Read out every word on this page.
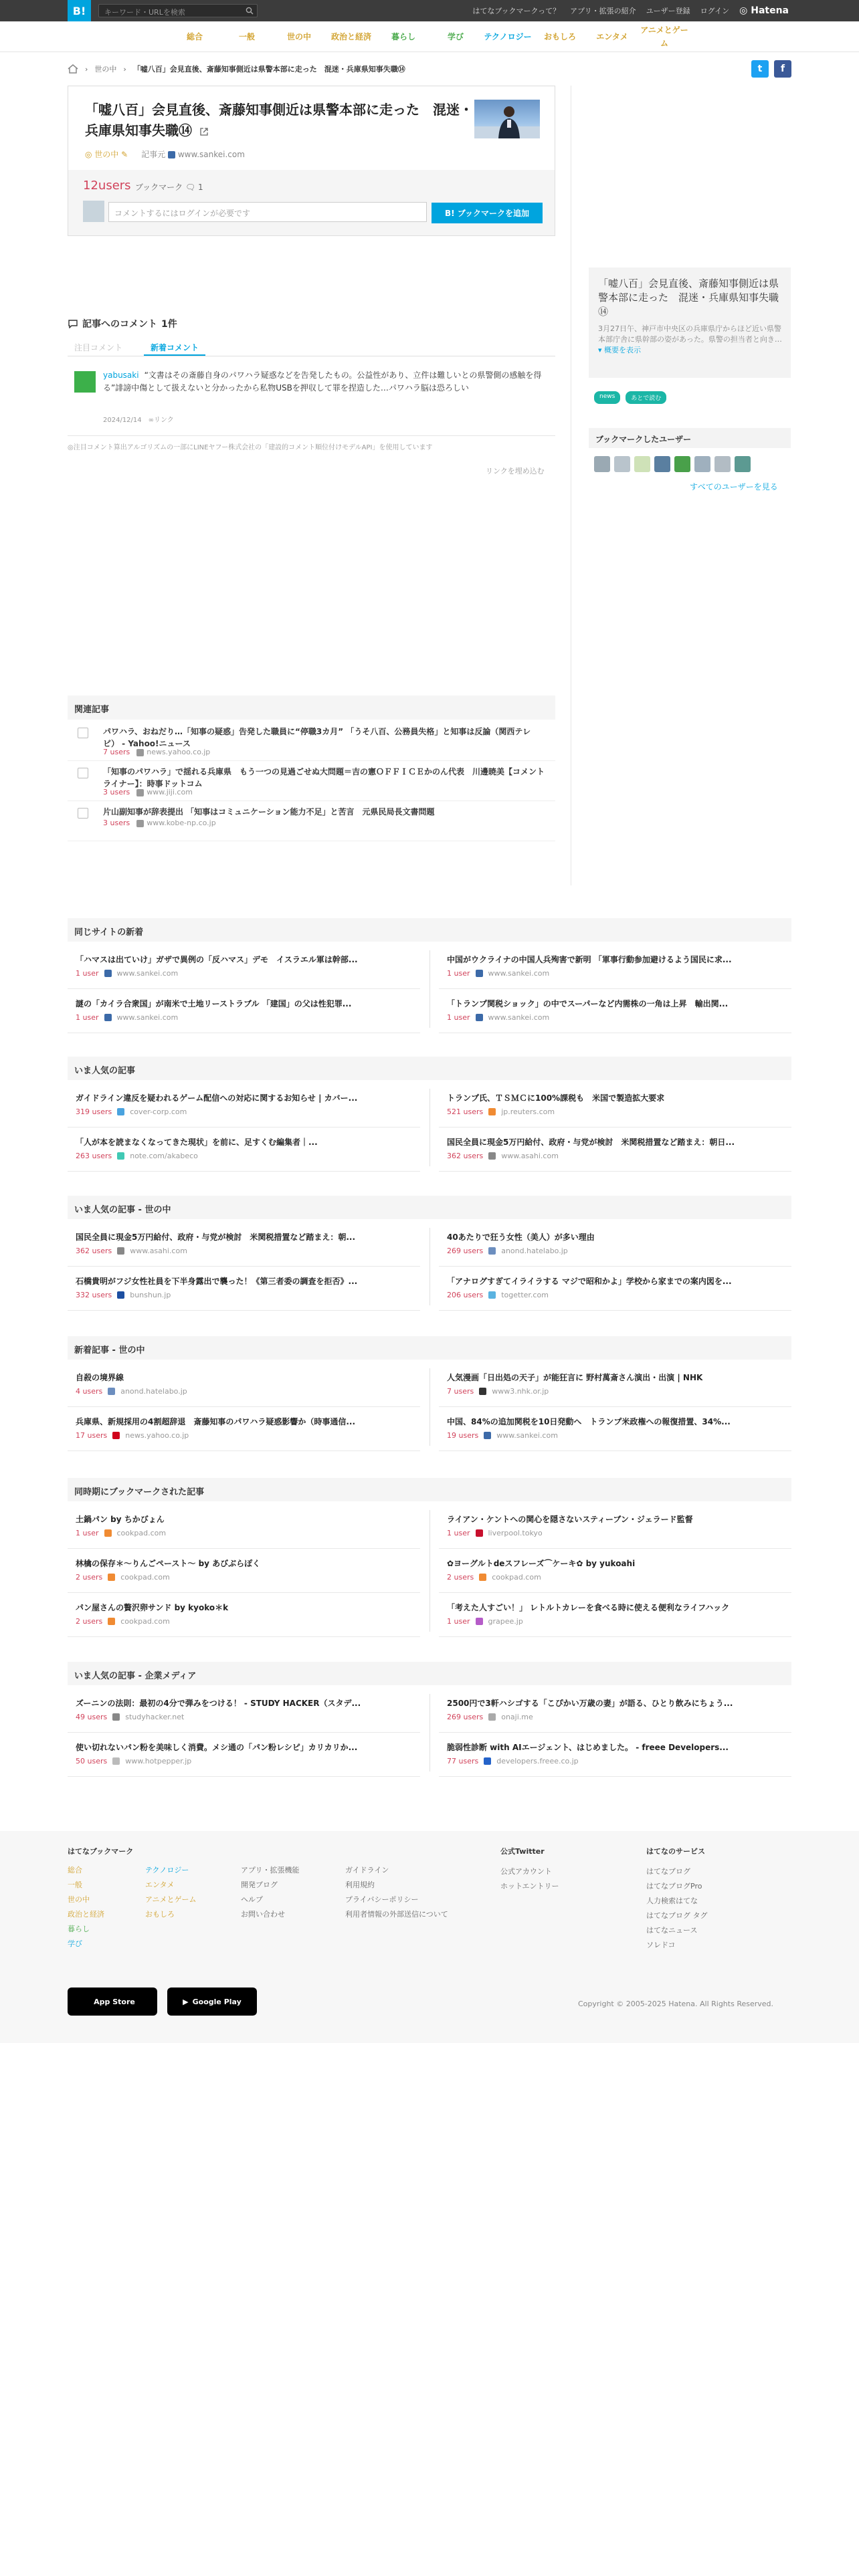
B!	キーワード・URLを検索	はてなブックマークって？ アプリ・拡張の紹介 ユーザー登録 ログイン ◎ Hatena
総合	一般	世の中	政治と経済	暮らし	学び	テクノロジー	おもしろ	エンタメ
アニメとゲーム
› 世の中 › 「嘘八百」会見直後、斎藤知事側近は県警本部に走った　混迷・兵庫県知事失職⑭	t	f
「嘘八百」会見直後、斎藤知事側近は県警本部に走った　混迷・兵庫県知事失職⑭
◎ 世の中 ✎ 記事元 www.sankei.com
12users ブックマーク 🗨 1
コメントするにはログインが必要です	B! ブックマークを追加
「嘘八百」会見直後、斎藤知事側近は県警本部に走った　混迷・兵庫県知事失職⑭
3月27日午、神戸市中央区の兵庫県庁からほど近い県警本部庁舎に県幹部の姿があった。県警の担当者と向き… ▾ 概要を表示
news	あとで読む
ブックマークしたユーザー
すべてのユーザーを見る
記事へのコメント 1件
注目コメント	新着コメント
yabusaki “文書はその斎藤自身のパワハラ疑惑などを告発したもの。公益性があり、立件は難しいとの県警側の感触を得る”誹謗中傷として扱えないと分かったから私物USBを押収して罪を捏造した…パワハラ脳は恐ろしい
2024/12/14　 ∞リンク
◎注目コメント算出アルゴリズムの一部にLINEヤフー株式会社の「建設的コメント順位付けモデルAPI」を使用しています
リンクを埋め込む
関連記事
パワハラ、おねだり…「知事の疑惑」告発した職員に“停職3カ月” 「うそ八百、公務員失格」と知事は反論（関西テレビ） - Yahoo!ニュース
7 users news.yahoo.co.jp
「知事のパワハラ」で揺れる兵庫県　もう一つの見過ごせぬ大問題＝吉の憲ＯＦＦＩＣＥかのん代表　川邊暁美【コメントライナー】：時事ドットコム
3 users www.jiji.com
片山副知事が辞表提出 「知事はコミュニケーション能力不足」と苦言　元県民局長文書問題
3 users www.kobe-np.co.jp
同じサイトの新着
「ハマスは出ていけ」ガザで異例の「反ハマス」デモ　イスラエル軍は幹部...
1 user www.sankei.com
謎の「カイラ合衆国」が南米で土地リーストラブル 「建国」の父は性犯罪...
1 user www.sankei.com
中国がウクライナの中国人兵殉害で新明 「軍事行動参加避けるよう国民に求...
1 user www.sankei.com
「トランプ関税ショック」の中でスーパーなど内需株の一角は上昇　輸出関...
1 user www.sankei.com
いま人気の記事
ガイドライン違反を疑われるゲーム配信への対応に関するお知らせ | カバー...
319 users cover-corp.com
「人が本を読まなくなってきた現状」を前に、足すくむ編集者｜...
263 users note.com/akabeco
トランプ氏、ＴＳＭＣに100%課税も　米国で製造拡大要求
521 users jp.reuters.com
国民全員に現金5万円給付、政府・与党が検討　米関税措置など踏まえ：朝日...
362 users www.asahi.com
いま人気の記事 - 世の中
国民全員に現金5万円給付、政府・与党が検討　米関税措置など踏まえ：朝...
362 users www.asahi.com
石橋貴明がフジ女性社員を下半身露出で襲った！《第三者委の調査を拒否》...
332 users bunshun.jp
40あたりで狂う女性（美人）が多い理由
269 users anond.hatelabo.jp
「アナログすぎてイライラする マジで昭和かよ」学校から家までの案内図を...
206 users togetter.com
新着記事 - 世の中
自殺の境界線
4 users anond.hatelabo.jp
兵庫県、新規採用の4割超辞退　斎藤知事のパワハラ疑惑影響か（時事通信...
17 users news.yahoo.co.jp
人気漫画「日出処の天子」が能狂言に 野村萬斎さん演出・出演 | NHK
7 users www3.nhk.or.jp
中国、84%の追加関税を10日発動へ　トランプ米政権への報復措置、34%...
19 users www.sankei.com
同時期にブックマークされた記事
土鍋パン by ちかびょん
1 user cookpad.com
林檎の保存＊～りんごペースト～ by あびぶらぽく
2 users cookpad.com
パン屋さんの贅沢卵サンド by kyoko＊k
2 users cookpad.com
ライアン・ケントへの関心を隠さないスティーブン・ジェラード監督
1 user liverpool.tokyo
✿ヨーグルトdeスフレーズ⌒ケーキ✿ by yukoahi
2 users cookpad.com
「考えた人すごい！」 レトルトカレーを食べる時に使える便利なライフハック
1 user grapee.jp
いま人気の記事 - 企業メディア
ズーニンの法則：最初の4分で弾みをつける！ - STUDY HACKER（スタデ...
49 users studyhacker.net
使い切れないパン粉を美味しく消費。メシ通の「パン粉レシピ」カリカリか...
50 users www.hotpepper.jp
2500円で3軒ハシゴする「こぴかい万歳の妻」が語る、ひとり飲みにちょう...
269 users onaji.me
脆弱性診断 with AIエージェント、はじめました。 - freee Developers...
77 users developers.freee.co.jp
はてなブックマーク
総合
一般
世の中
政治と経済
暮らし
学び
テクノロジー
エンタメ
アニメとゲーム
おもしろ
アプリ・拡張機能
開発ブログ
ヘルプ
お問い合わせ
ガイドライン
利用規約
プライバシーポリシー
利用者情報の外部送信について
公式Twitter
公式アカウント
ホットエントリー
はてなのサービス
はてなブログ
はてなブログPro
人力検索はてな
はてなブログ タグ
はてなニュース
ソレドコ
App Store	▶ Google Play	Copyright © 2005-2025 Hatena. All Rights Reserved.
